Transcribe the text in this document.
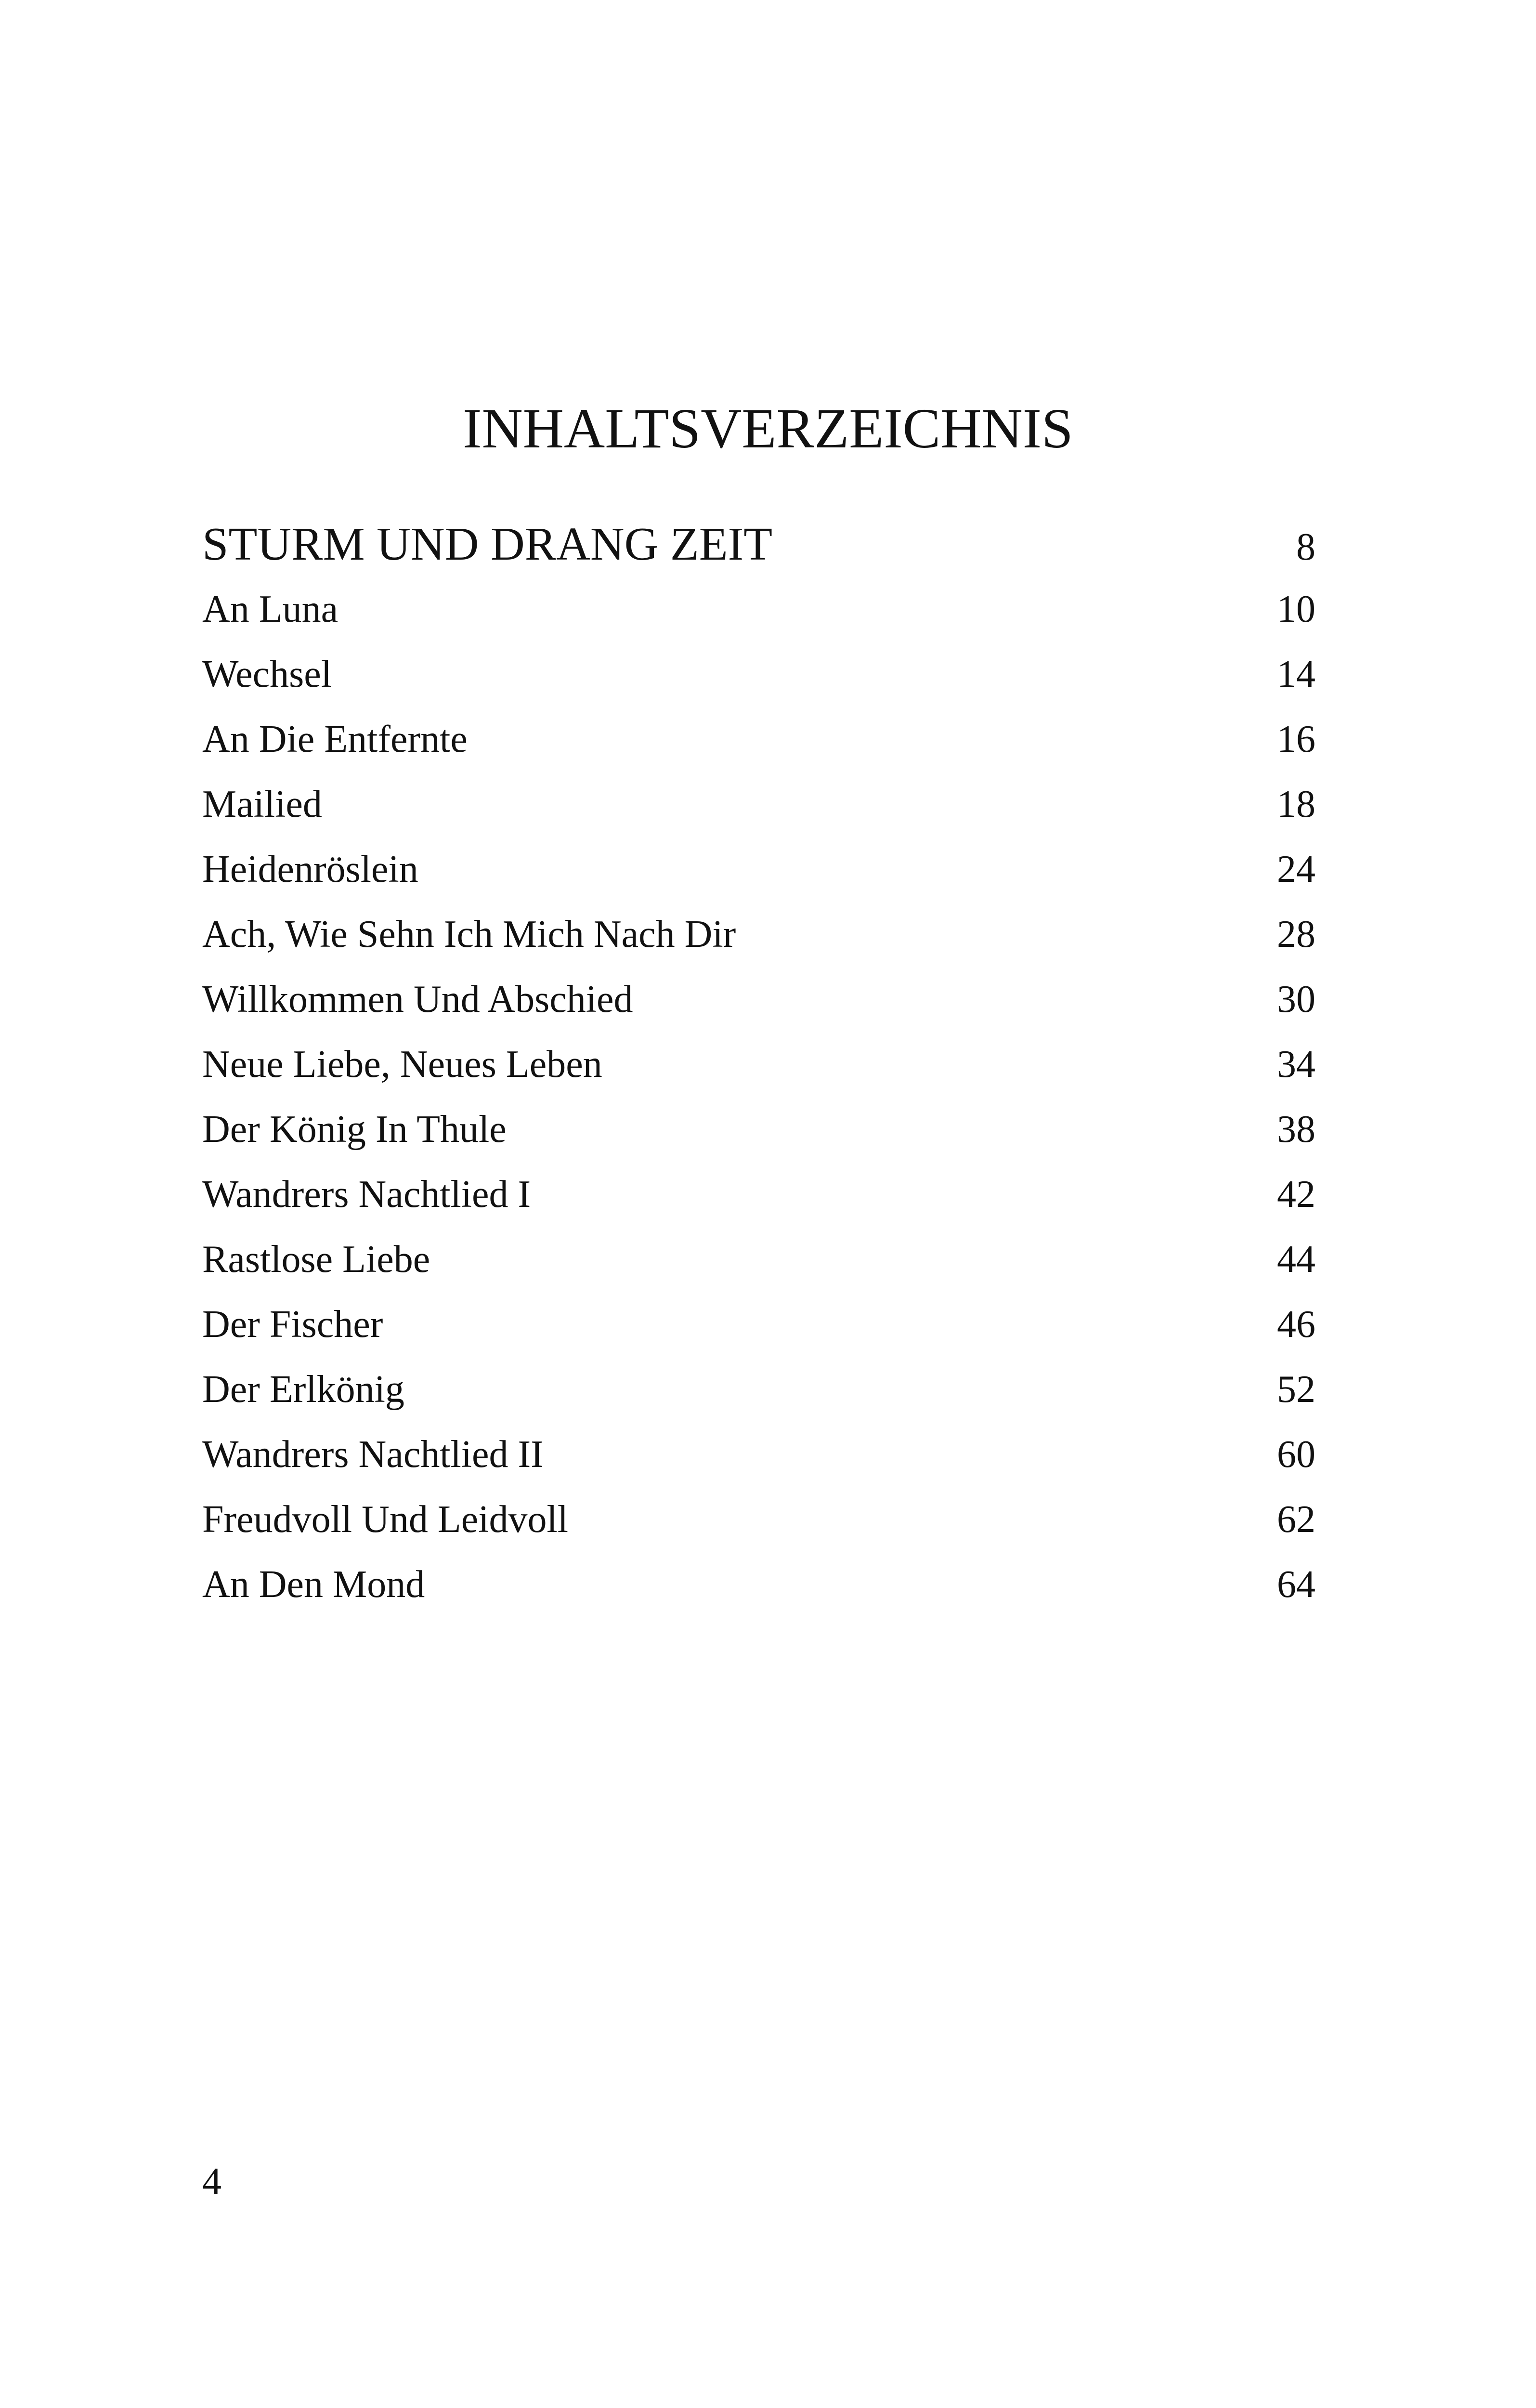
INHALTSVERZEICHNIS
STURM UND DRANG ZEIT	8
An Luna	10
Wechsel	14
An Die Entfernte	16
Mailied	18
Heidenröslein	24
Ach, Wie Sehn Ich Mich Nach Dir	28
Willkommen Und Abschied	30
Neue Liebe, Neues Leben	34
Der König In Thule	38
Wandrers Nachtlied I	42
Rastlose Liebe	44
Der Fischer	46
Der Erlkönig	52
Wandrers Nachtlied II	60
Freudvoll Und Leidvoll	62
An Den Mond	64
4
